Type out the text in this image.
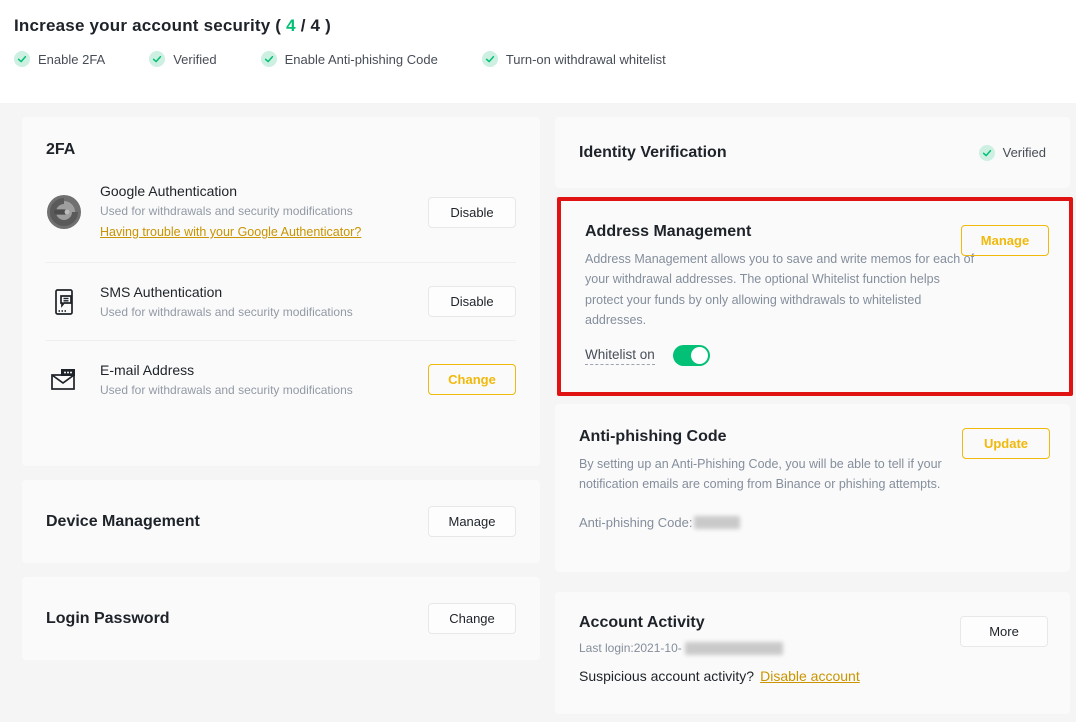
Increase your account security ( 4 / 4 )
Enable 2FA	Verified	Enable Anti-phishing Code	Turn-on withdrawal whitelist
2FA
Google Authentication
Used for withdrawals and security modifications
Having trouble with your Google Authenticator?
Disable
SMS Authentication
Used for withdrawals and security modifications
Disable
E-mail Address
Used for withdrawals and security modifications
Change
Device Management	Manage
Login Password	Change
Identity Verification	Verified
Address Management
Address Management allows you to save and write memos for each of your withdrawal addresses. The optional Whitelist function helps protect your funds by only allowing withdrawals to whitelisted addresses.
Whitelist on
Manage
Anti-phishing Code
By setting up an Anti-Phishing Code, you will be able to tell if your notification emails are coming from Binance or phishing attempts.
Anti-phishing Code:
Update
Account Activity
Last login:2021-10-
Suspicious account activity? Disable account
More
